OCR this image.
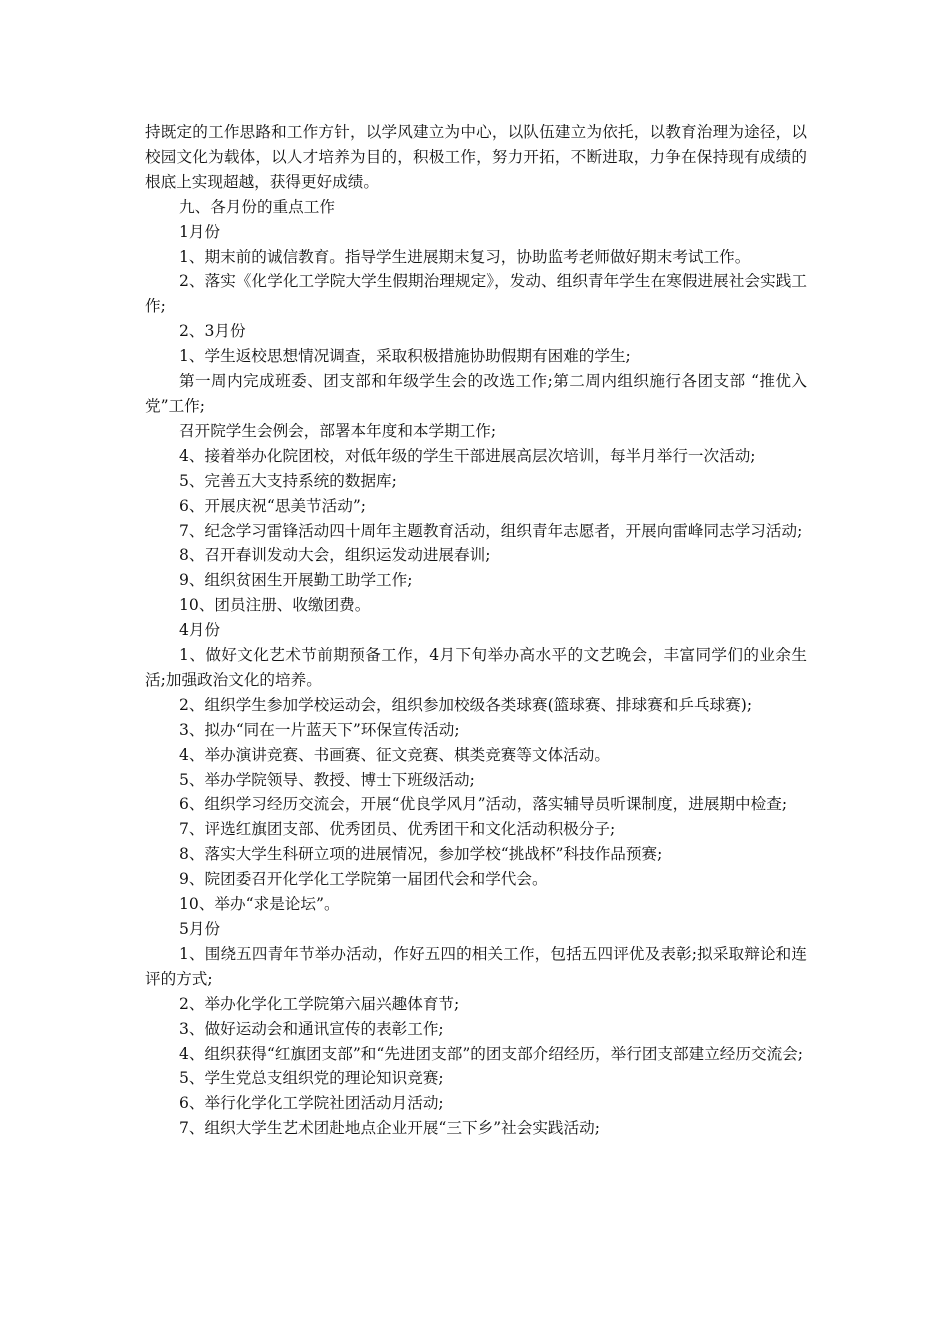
持既定的工作思路和工作方针，以学风建立为中心，以队伍建立为依托，以教育治理为途径，以校园文化为载体，以人才培养为目的，积极工作，努力开拓，不断进取，力争在保持现有成绩的根底上实现超越，获得更好成绩。

九、各月份的重点工作

1月份

1、期末前的诚信教育。指导学生进展期末复习，协助监考老师做好期末考试工作。

2、落实《化学化工学院大学生假期治理规定》，发动、组织青年学生在寒假进展社会实践工作;

2、3月份

1、学生返校思想情况调查，采取积极措施协助假期有困难的学生;

第一周内完成班委、团支部和年级学生会的改选工作;第二周内组织施行各团支部 “推优入党”工作;

召开院学生会例会，部署本年度和本学期工作;

4、接着举办化院团校，对低年级的学生干部进展高层次培训，每半月举行一次活动;

5、完善五大支持系统的数据库;

6、开展庆祝“思美节活动”;

7、纪念学习雷锋活动四十周年主题教育活动，组织青年志愿者，开展向雷峰同志学习活动;

8、召开春训发动大会，组织运发动进展春训;

9、组织贫困生开展勤工助学工作;

10、团员注册、收缴团费。

4月份

1、做好文化艺术节前期预备工作，4月下旬举办高水平的文艺晚会，丰富同学们的业余生活;加强政治文化的培养。

2、组织学生参加学校运动会，组织参加校级各类球赛(篮球赛、排球赛和乒乓球赛);

3、拟办“同在一片蓝天下”环保宣传活动;

4、举办演讲竞赛、书画赛、征文竞赛、棋类竞赛等文体活动。

5、举办学院领导、教授、博士下班级活动;

6、组织学习经历交流会，开展“优良学风月”活动，落实辅导员听课制度，进展期中检查;

7、评选红旗团支部、优秀团员、优秀团干和文化活动积极分子;

8、落实大学生科研立项的进展情况，参加学校“挑战杯”科技作品预赛;

9、院团委召开化学化工学院第一届团代会和学代会。

10、举办“求是论坛”。

5月份

1、围绕五四青年节举办活动，作好五四的相关工作，包括五四评优及表彰;拟采取辩论和连评的方式;

2、举办化学化工学院第六届兴趣体育节;

3、做好运动会和通讯宣传的表彰工作;

4、组织获得“红旗团支部”和“先进团支部”的团支部介绍经历，举行团支部建立经历交流会;

5、学生党总支组织党的理论知识竞赛;

6、举行化学化工学院社团活动月活动;

7、组织大学生艺术团赴地点企业开展“三下乡”社会实践活动;
